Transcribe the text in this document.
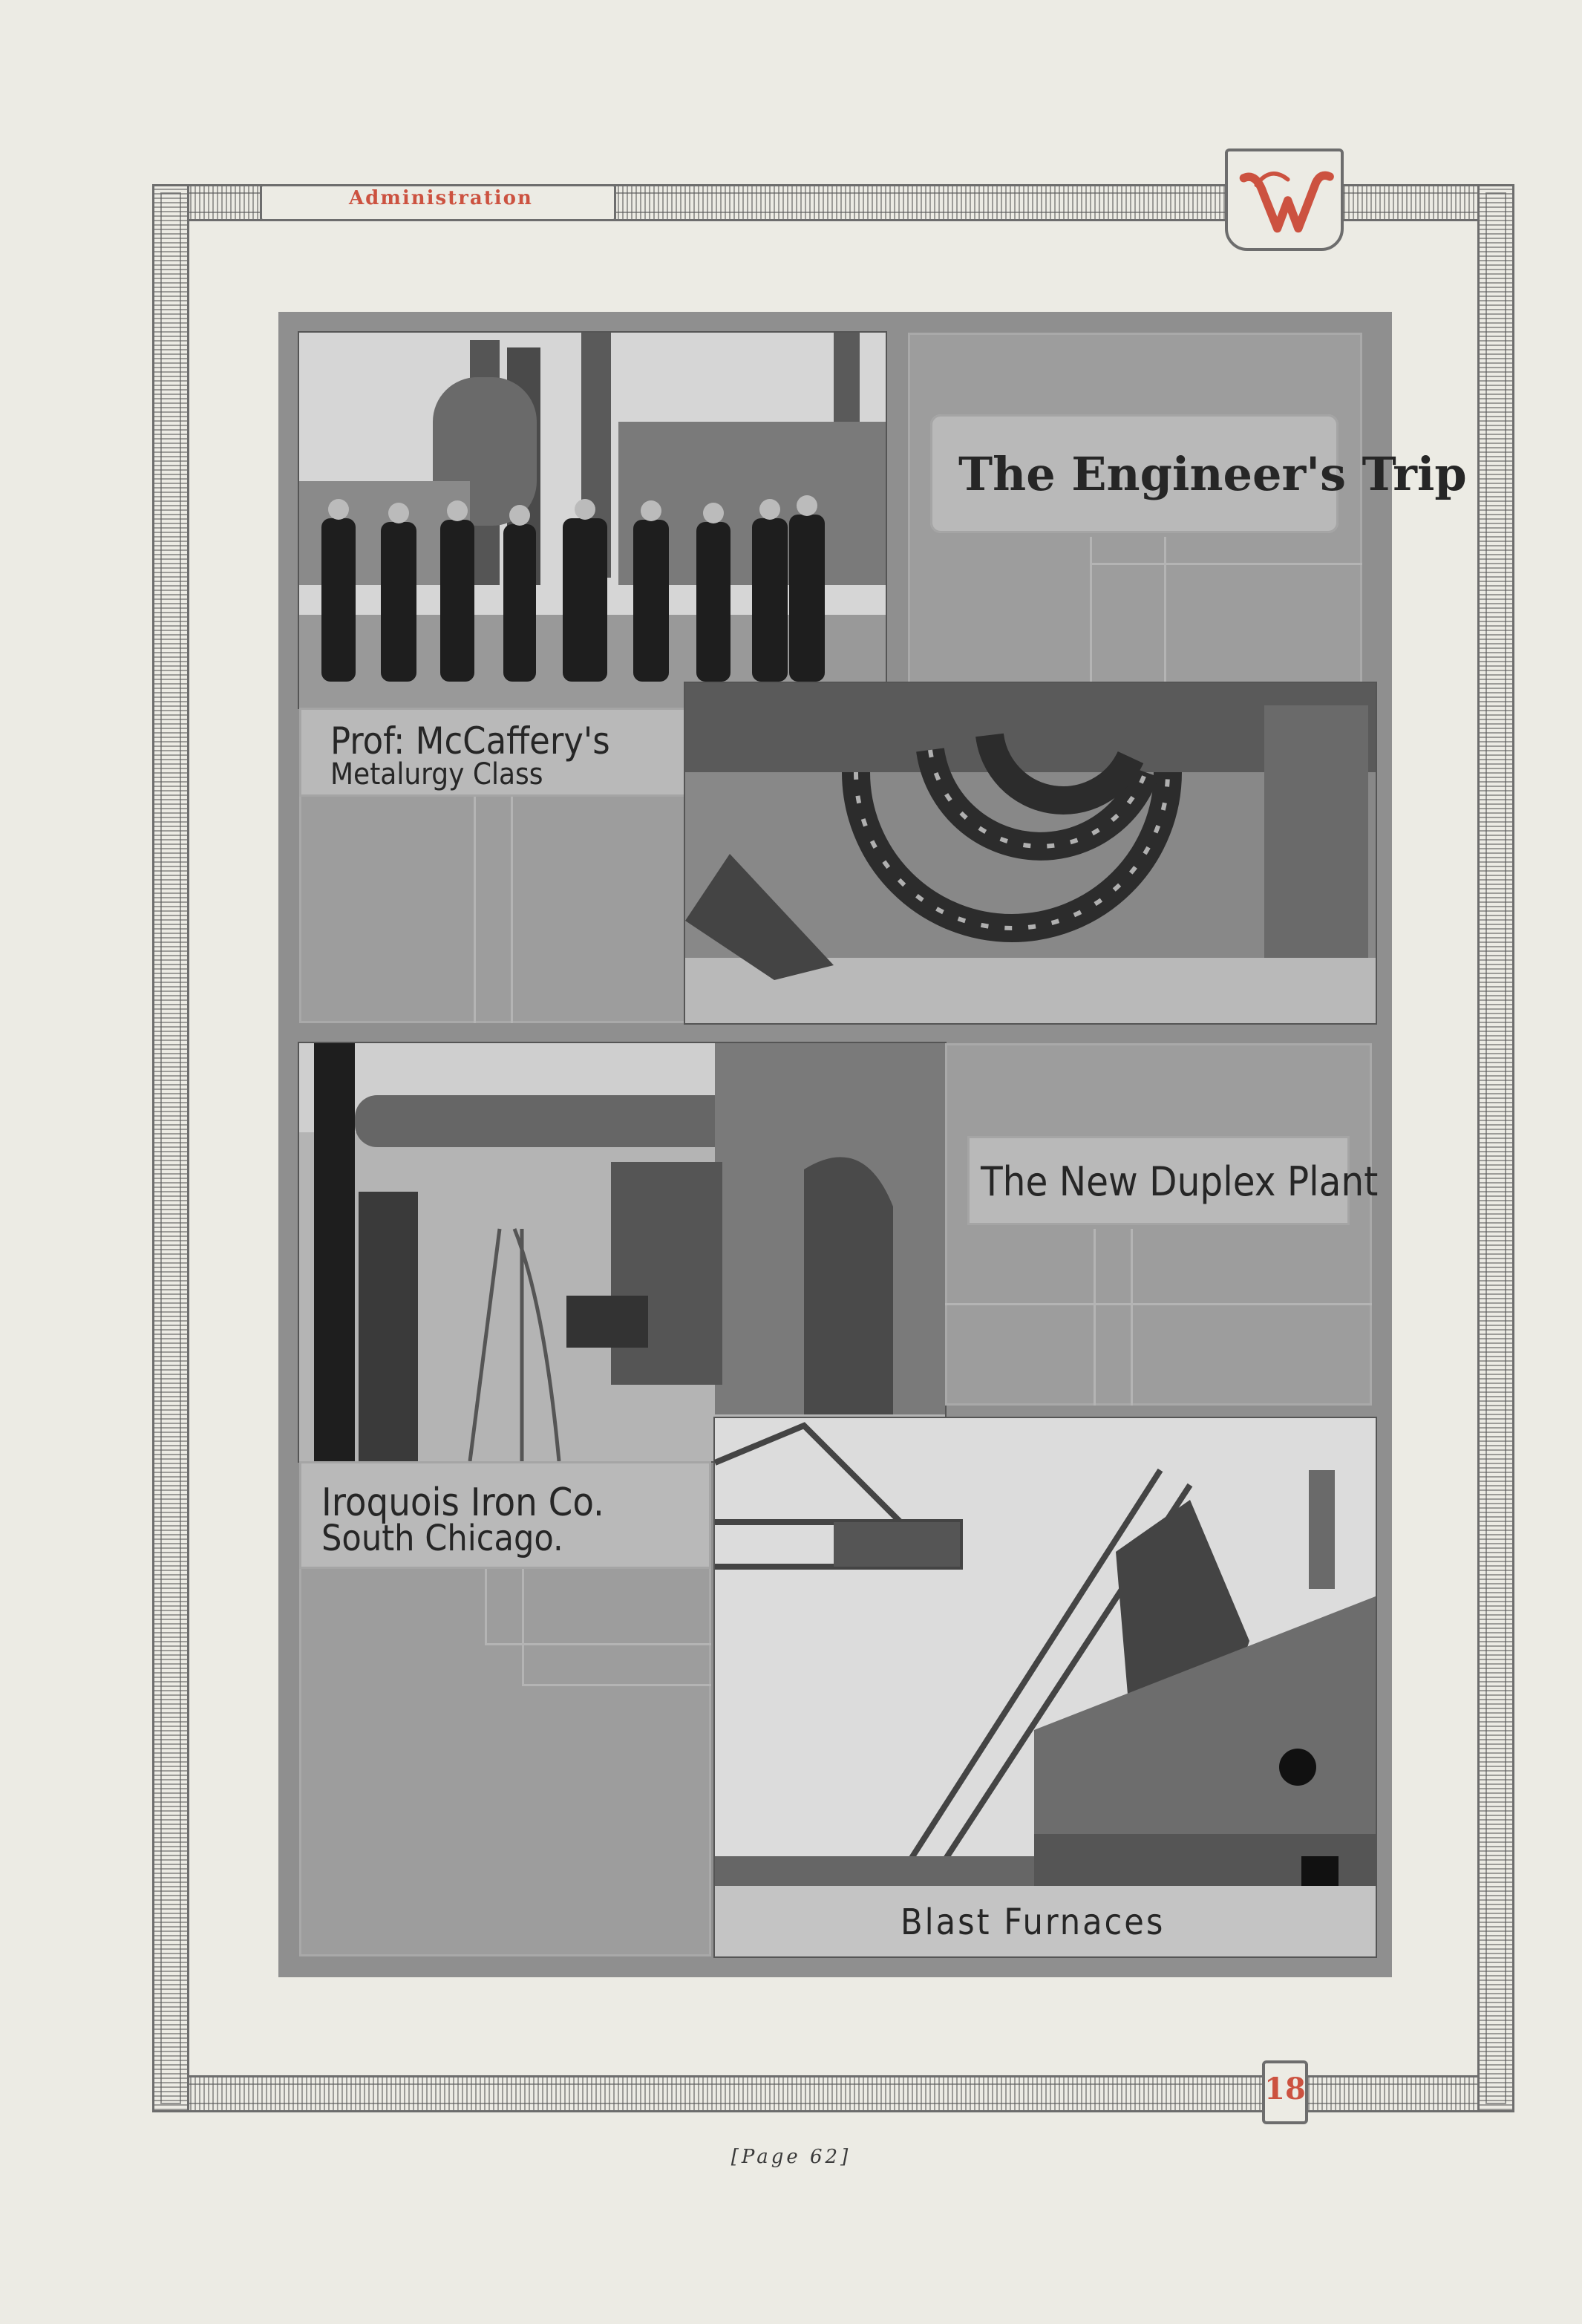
Administration
18
The Engineer's Trip
Prof: McCaffery's
Metalurgy Class
The New Duplex Plant
Iroquois Iron Co.
South Chicago.
Blast Furnaces
[Page 62]
